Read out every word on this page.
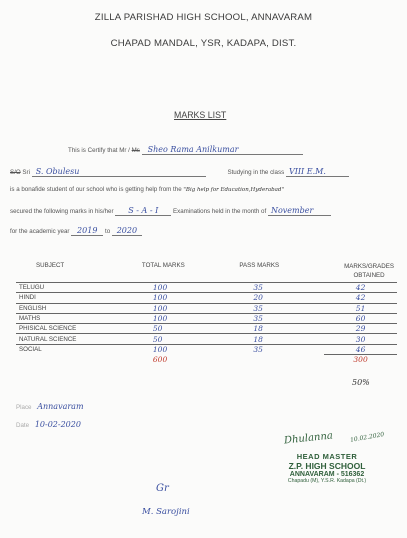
ZILLA PARISHAD HIGH SCHOOL, ANNAVARAM
CHAPAD MANDAL, YSR, KADAPA, DIST.
MARKS LIST
This is Certify that Mr / Ms Sheo Rama Anilkumar
S/O Sri S. Obulesu	Studying in the class VIII E.M.
is a bonafide student of our school who is getting help from the "Big help for Education,Hyderabad"
secured the following marks in his/her S - A - I Examinations held in the month of November
for the academic year 2019 to 2020
SUBJECT	TOTAL MARKS	PASS MARKS	MARKS/GRADES OBTAINED
TELUGU	100	35	42
HINDI	100	20	42
ENGLISH	100	35	51
MATHS	100	35	60
PHISICAL SCIENCE	50	18	29
NATURAL SCIENCE	50	18	30
SOCIAL	100	35	46
	600		300
50%
Place Annavaram
Date 10-02-2020
Dhulanna	10.02.2020
HEAD MASTER
Z.P. HIGH SCHOOL
ANNAVARAM - 516362
Chapadu (M), Y.S.R. Kadapa (Dt.)
Gr
M. Sarojini
